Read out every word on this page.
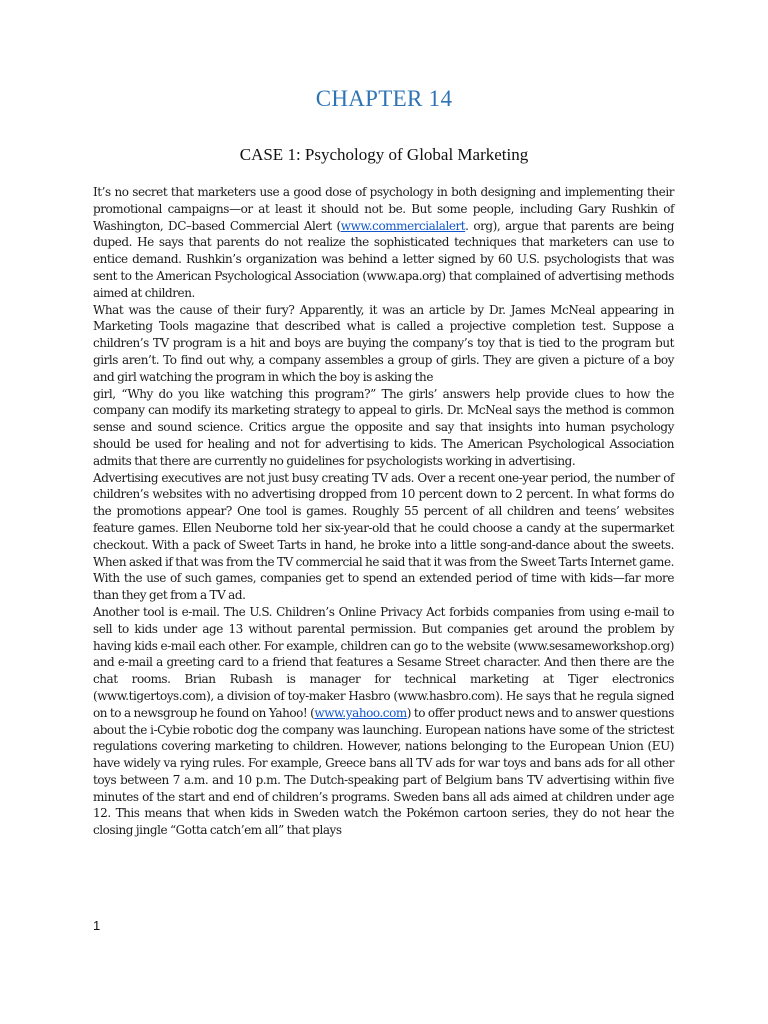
CHAPTER 14
CASE 1: Psychology of Global Marketing

It’s no secret that marketers use a good dose of psychology in both designing and implementing their promotional campaigns—or at least it should not be. But some people, including Gary Rushkin of Washington, DC–based Commercial Alert (www.commercialalert. org), argue that parents are being duped. He says that parents do not realize the sophisticated techniques that marketers can use to entice demand. Rushkin’s organization was behind a letter signed by 60 U.S. psychologists that was sent to the American Psychological Association (www.apa.org) that complained of advertising methods aimed at children.

What was the cause of their fury? Apparently, it was an article by Dr. James McNeal appearing in Marketing Tools magazine that described what is called a projective completion test. Suppose a children’s TV program is a hit and boys are buying the company’s toy that is tied to the program but girls aren’t. To find out why, a company assembles a group of girls. They are given a picture of a boy and girl watching the program in which the boy is asking the

girl, “Why do you like watching this program?” The girls’ answers help provide clues to how the company can modify its marketing strategy to appeal to girls. Dr. McNeal says the method is common sense and sound science. Critics argue the opposite and say that insights into human psychology should be used for healing and not for advertising to kids. The American Psychological Association admits that there are currently no guidelines for psychologists working in advertising.

Advertising executives are not just busy creating TV ads. Over a recent one-year period, the number of children’s websites with no advertising dropped from 10 percent down to 2 percent. In what forms do the promotions appear? One tool is games. Roughly 55 percent of all children and teens’ websites feature games. Ellen Neuborne told her six-year-old that he could choose a candy at the supermarket checkout. With a pack of Sweet Tarts in hand, he broke into a little song-and-dance about the sweets. When asked if that was from the TV commercial he said that it was from the Sweet Tarts Internet game. With the use of such games, companies get to spend an extended period of time with kids—far more than they get from a TV ad.

Another tool is e-mail. The U.S. Children’s Online Privacy Act forbids companies from using e-mail to sell to kids under age 13 without parental permission. But companies get around the problem by having kids e-mail each other. For example, children can go to the website (www.sesameworkshop.org) and e-mail a greeting card to a friend that features a Sesame Street character. And then there are the chat rooms. Brian Rubash is manager for technical marketing at Tiger electronics (www.tigertoys.com), a division of toy-maker Hasbro (www.hasbro.com). He says that he regula signed on to a newsgroup he found on Yahoo! (www.yahoo.com) to offer product news and to answer questions about the i-Cybie robotic dog the company was launching. European nations have some of the strictest regulations covering marketing to children. However, nations belonging to the European Union (EU) have widely va rying rules. For example, Greece bans all TV ads for war toys and bans ads for all other toys between 7 a.m. and 10 p.m. The Dutch-speaking part of Belgium bans TV advertising within five minutes of the start and end of children’s programs. Sweden bans all ads aimed at children under age 12. This means that when kids in Sweden watch the Pokémon cartoon series, they do not hear the closing jingle “Gotta catch’em all” that plays

1
